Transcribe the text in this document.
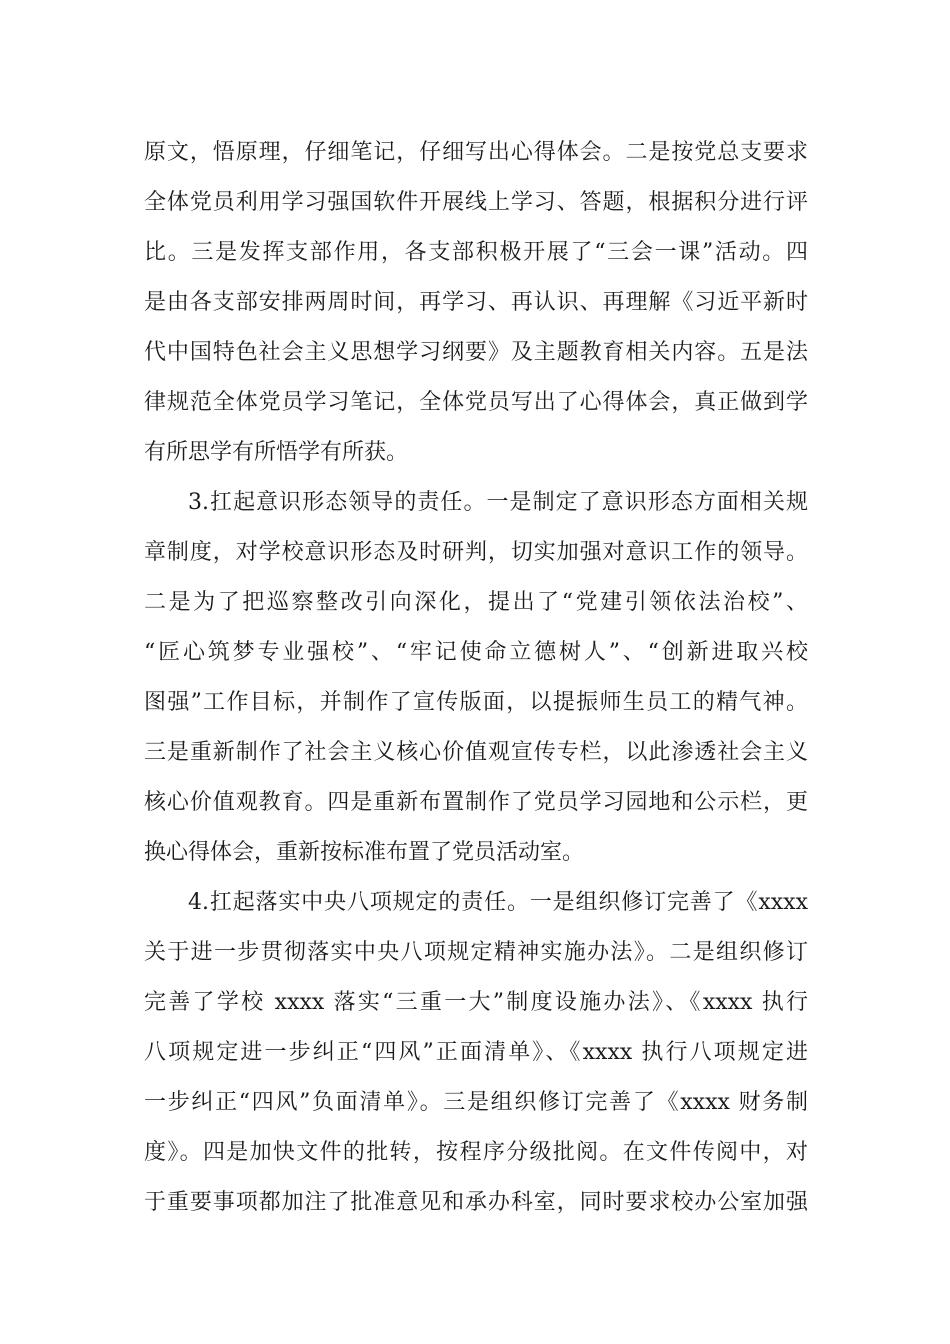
原文，悟原理，仔细笔记，仔细写出心得体会。二是按党总支要求
全体党员利用学习强国软件开展线上学习、答题，根据积分进行评
比。三是发挥支部作用，各支部积极开展了“三会一课”活动。四
是由各支部安排两周时间，再学习、再认识、再理解《习近平新时
代中国特色社会主义思想学习纲要》及主题教育相关内容。五是法
律规范全体党员学习笔记，全体党员写出了心得体会，真正做到学
有所思学有所悟学有所获。
3.扛起意识形态领导的责任。一是制定了意识形态方面相关规
章制度，对学校意识形态及时研判，切实加强对意识工作的领导。
二是为了把巡察整改引向深化，提出了“党建引领依法治校”、
“匠心筑梦专业强校”、“牢记使命立德树人”、“创新进取兴校
图强”工作目标，并制作了宣传版面，以提振师生员工的精气神。
三是重新制作了社会主义核心价值观宣传专栏，以此渗透社会主义
核心价值观教育。四是重新布置制作了党员学习园地和公示栏，更
换心得体会，重新按标准布置了党员活动室。
4.扛起落实中央八项规定的责任。一是组织修订完善了《xxxx
关于进一步贯彻落实中央八项规定精神实施办法》。二是组织修订
完善了学校 xxxx 落实“三重一大”制度设施办法》、《xxxx 执行
八项规定进一步纠正“四风”正面清单》、《xxxx 执行八项规定进
一步纠正“四风”负面清单》。三是组织修订完善了《xxxx 财务制
度》。四是加快文件的批转，按程序分级批阅。在文件传阅中，对
于重要事项都加注了批准意见和承办科室，同时要求校办公室加强
